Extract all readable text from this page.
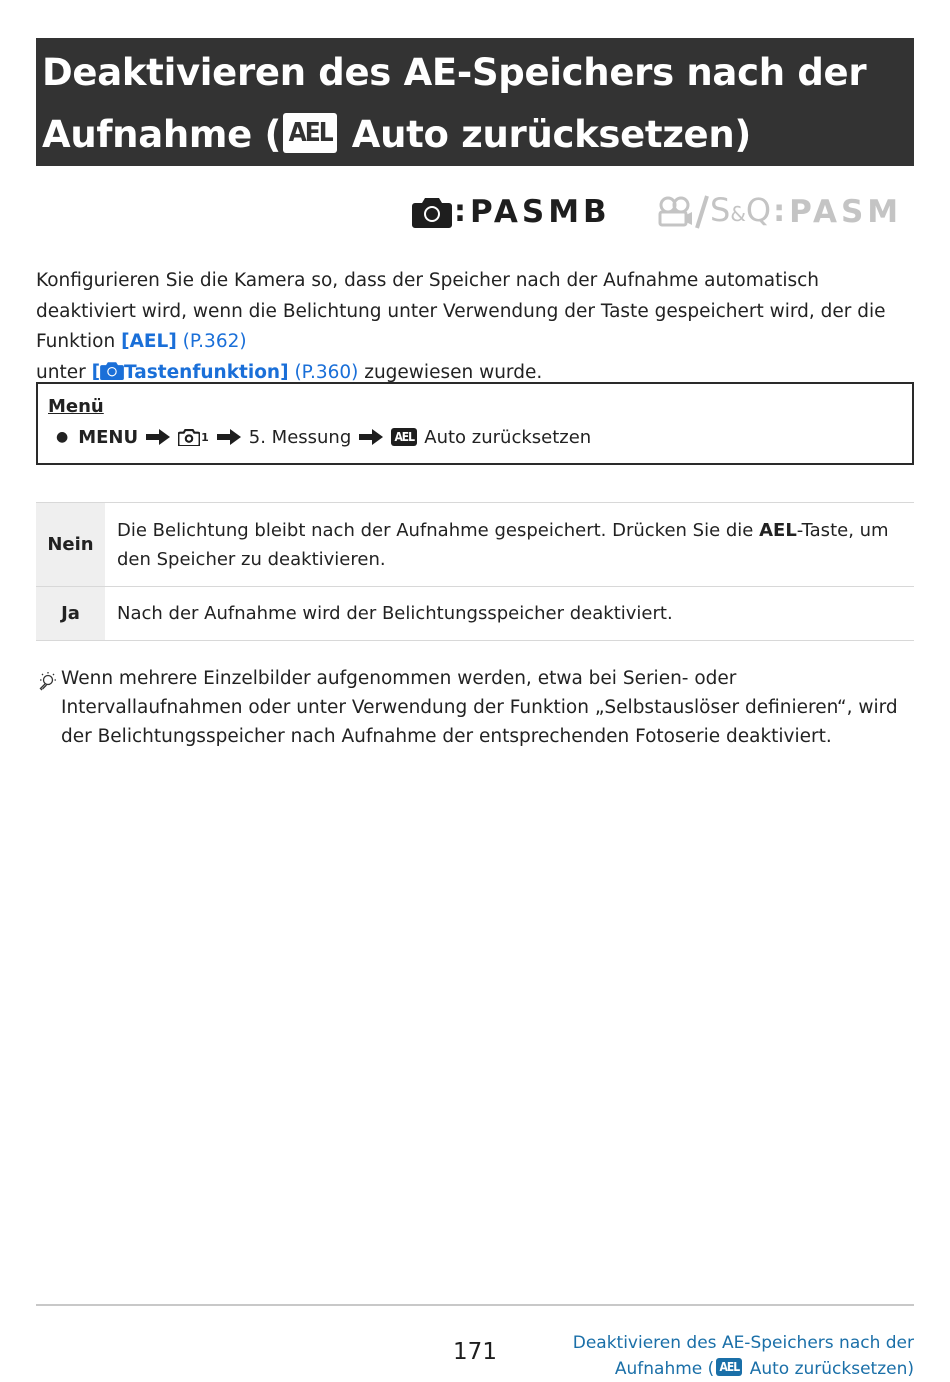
Deaktivieren des AE-Speichers nach der
Aufnahme ( AEL Auto zurücksetzen)
: PASMB	S&Q : PASM
Konfigurieren Sie die Kamera so, dass der Speicher nach der Aufnahme automatisch deaktiviert wird, wenn die Belichtung unter Verwendung der Taste gespeichert wird, der die Funktion [AEL] (P.362)
unter [ Tastenfunktion] (P.360) zugewiesen wurde.
Menü
● MENU	1 5. Messung	AEL Auto zurücksetzen
Nein	Die Belichtung bleibt nach der Aufnahme gespeichert. Drücken Sie die AEL-Taste, um den Speicher zu deaktivieren.
Ja	Nach der Aufnahme wird der Belichtungsspeicher deaktiviert.
Wenn mehrere Einzelbilder aufgenommen werden, etwa bei Serien- oder Intervallaufnahmen oder unter Verwendung der Funktion „Selbstauslöser definieren“, wird der Belichtungsspeicher nach Aufnahme der entsprechenden Fotoserie deaktiviert.
171	Deaktivieren des AE-Speichers nach der
Aufnahme ( AEL Auto zurücksetzen)
